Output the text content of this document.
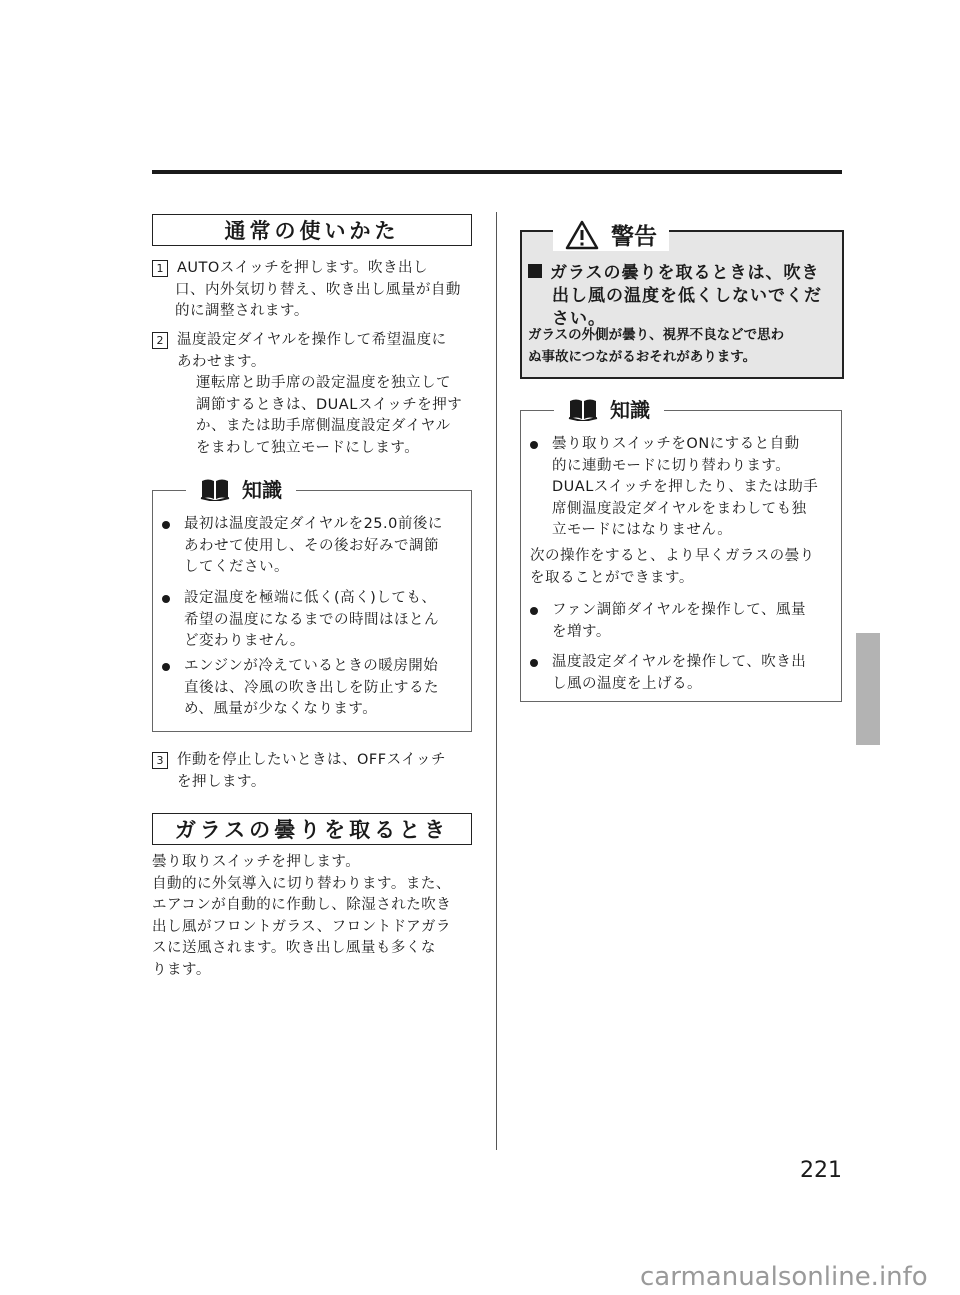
通常の使いかた
1 AUTOスイッチを押します。吹き出し
口、内外気切り替え、吹き出し風量が自動
的に調整されます。
2 温度設定ダイヤルを操作して希望温度に
あわせます。
運転席と助手席の設定温度を独立して
調節するときは、DUALスイッチを押す
か、または助手席側温度設定ダイヤル
をまわして独立モードにします。
知識
最初は温度設定ダイヤルを25.0前後に
あわせて使用し、その後お好みで調節
してください。
設定温度を極端に低く(高く)しても、
希望の温度になるまでの時間はほとん
ど変わりません。
エンジンが冷えているときの暖房開始
直後は、冷風の吹き出しを防止するた
め、風量が少なくなります。
3 作動を停止したいときは、OFFスイッチ
を押します。
ガラスの曇りを取るとき
曇り取りスイッチを押します。
自動的に外気導入に切り替わります。また、
エアコンが自動的に作動し、除湿された吹き
出し風がフロントガラス、フロントドアガラ
スに送風されます。吹き出し風量も多くな
ります。
警告
ガラスの曇りを取るときは、吹き
出し風の温度を低くしないでくだ
さい。
ガラスの外側が曇り、視界不良などで思わ
ぬ事故につながるおそれがあります。
知識
曇り取りスイッチをONにすると自動
的に連動モードに切り替わります。
DUALスイッチを押したり、または助手
席側温度設定ダイヤルをまわしても独
立モードにはなりません。
次の操作をすると、より早くガラスの曇り
を取ることができます。
ファン調節ダイヤルを操作して、風量
を増す。
温度設定ダイヤルを操作して、吹き出
し風の温度を上げる。
221
carmanualsonline.info
